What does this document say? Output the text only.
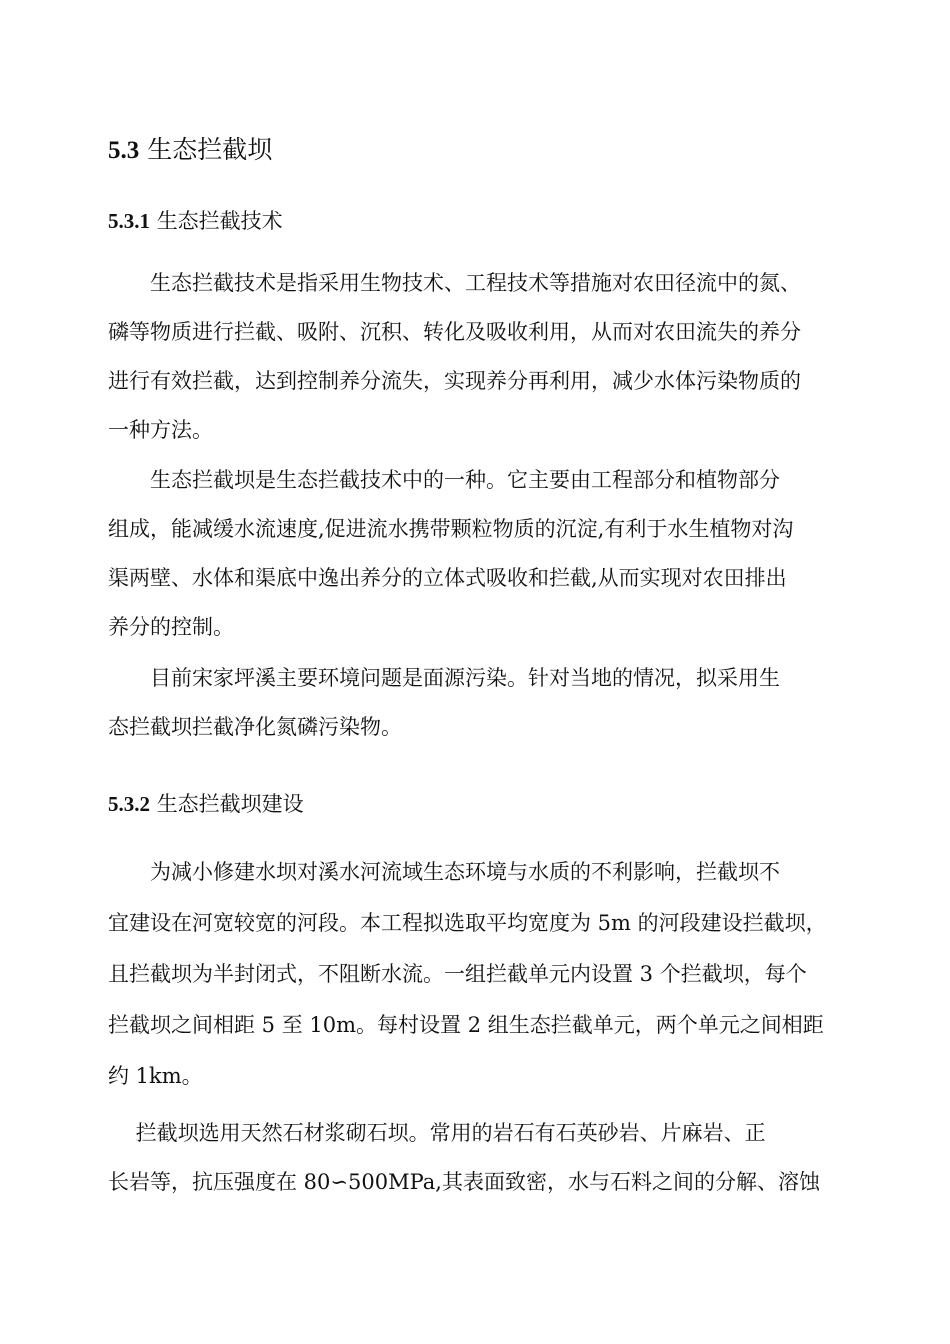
5.3 生态拦截坝
5.3.1 生态拦截技术
　　生态拦截技术是指采用生物技术、工程技术等措施对农田径流中的氮、
磷等物质进行拦截、吸附、沉积、转化及吸收利用，从而对农田流失的养分
进行有效拦截，达到控制养分流失，实现养分再利用，减少水体污染物质的
一种方法。
　　生态拦截坝是生态拦截技术中的一种。它主要由工程部分和植物部分
组成，能减缓水流速度,促进流水携带颗粒物质的沉淀,有利于水生植物对沟
渠两壁、水体和渠底中逸出养分的立体式吸收和拦截,从而实现对农田排出
养分的控制。
　　目前宋家坪溪主要环境问题是面源污染。针对当地的情况，拟采用生
态拦截坝拦截净化氮磷污染物。
5.3.2 生态拦截坝建设
　　为减小修建水坝对溪水河流域生态环境与水质的不利影响，拦截坝不
宜建设在河宽较宽的河段。本工程拟选取平均宽度为 5m 的河段建设拦截坝，
且拦截坝为半封闭式，不阻断水流。一组拦截单元内设置 3 个拦截坝，每个
拦截坝之间相距 5 至 10m。每村设置 2 组生态拦截单元，两个单元之间相距
约 1km。
　 拦截坝选用天然石材浆砌石坝。常用的岩石有石英砂岩、片麻岩、正
长岩等，抗压强度在 80∽500MPa,其表面致密，水与石料之间的分解、溶蚀
